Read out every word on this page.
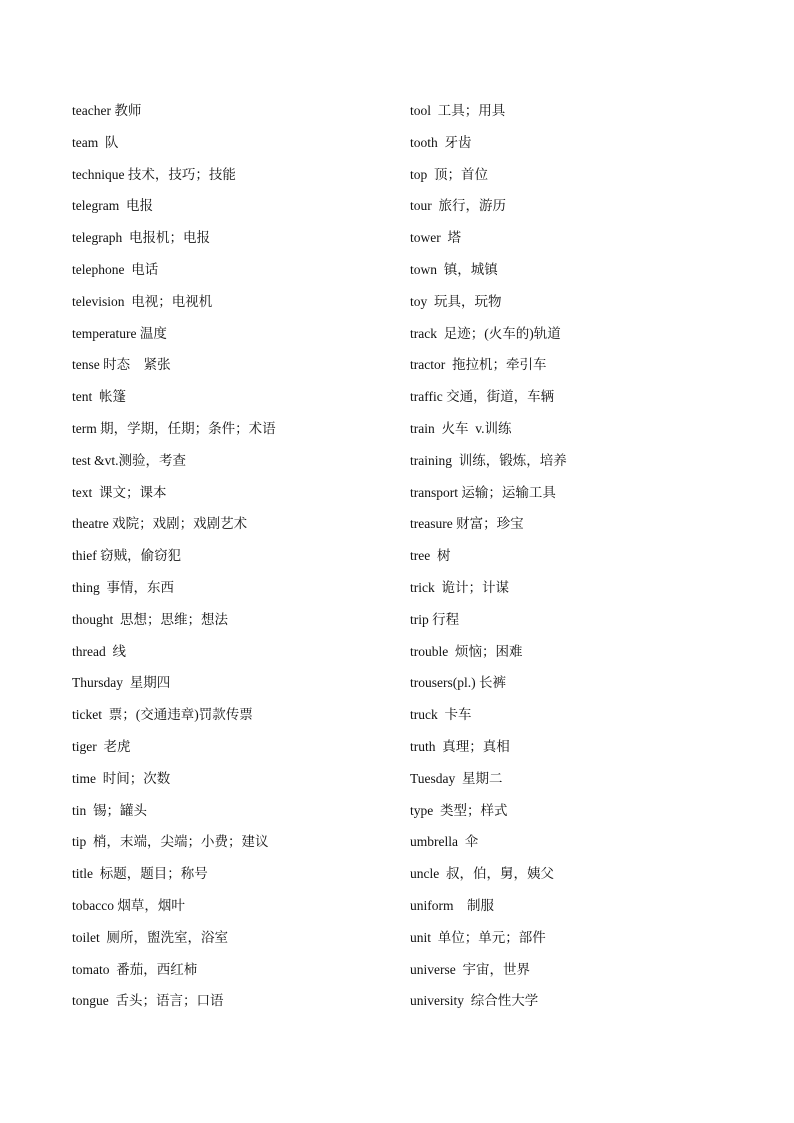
teacher 教师
team  队
technique 技术，技巧；技能
telegram  电报
telegraph  电报机；电报
telephone  电话
television  电视；电视机
temperature 温度
tense 时态    紧张
tent  帐篷
term 期，学期，任期；条件；术语
test &vt.测验，考查
text  课文；课本
theatre 戏院；戏剧；戏剧艺术
thief 窃贼，偷窃犯
thing  事情，东西
thought  思想；思维；想法
thread  线
Thursday  星期四
ticket  票；(交通违章)罚款传票
tiger  老虎
time  时间；次数
tin  锡；罐头
tip  梢，末端，尖端；小费；建议
title  标题，题目；称号
tobacco 烟草，烟叶
toilet  厕所，盥洗室，浴室
tomato  番茄，西红柿
tongue  舌头；语言；口语
tool  工具；用具
tooth  牙齿
top  顶；首位
tour  旅行，游历
tower  塔
town  镇，城镇
toy  玩具，玩物
track  足迹；(火车的)轨道
tractor  拖拉机；牵引车
traffic 交通，街道，车辆
train  火车  v.训练
training  训练，锻炼，培养
transport 运输；运输工具
treasure 财富；珍宝
tree  树
trick  诡计；计谋
trip 行程
trouble  烦恼；困难
trousers(pl.) 长裤
truck  卡车
truth  真理；真相
Tuesday  星期二
type  类型；样式
umbrella  伞
uncle  叔，伯，舅，姨父
uniform    制服
unit  单位；单元；部件
universe  宇宙，世界
university  综合性大学
